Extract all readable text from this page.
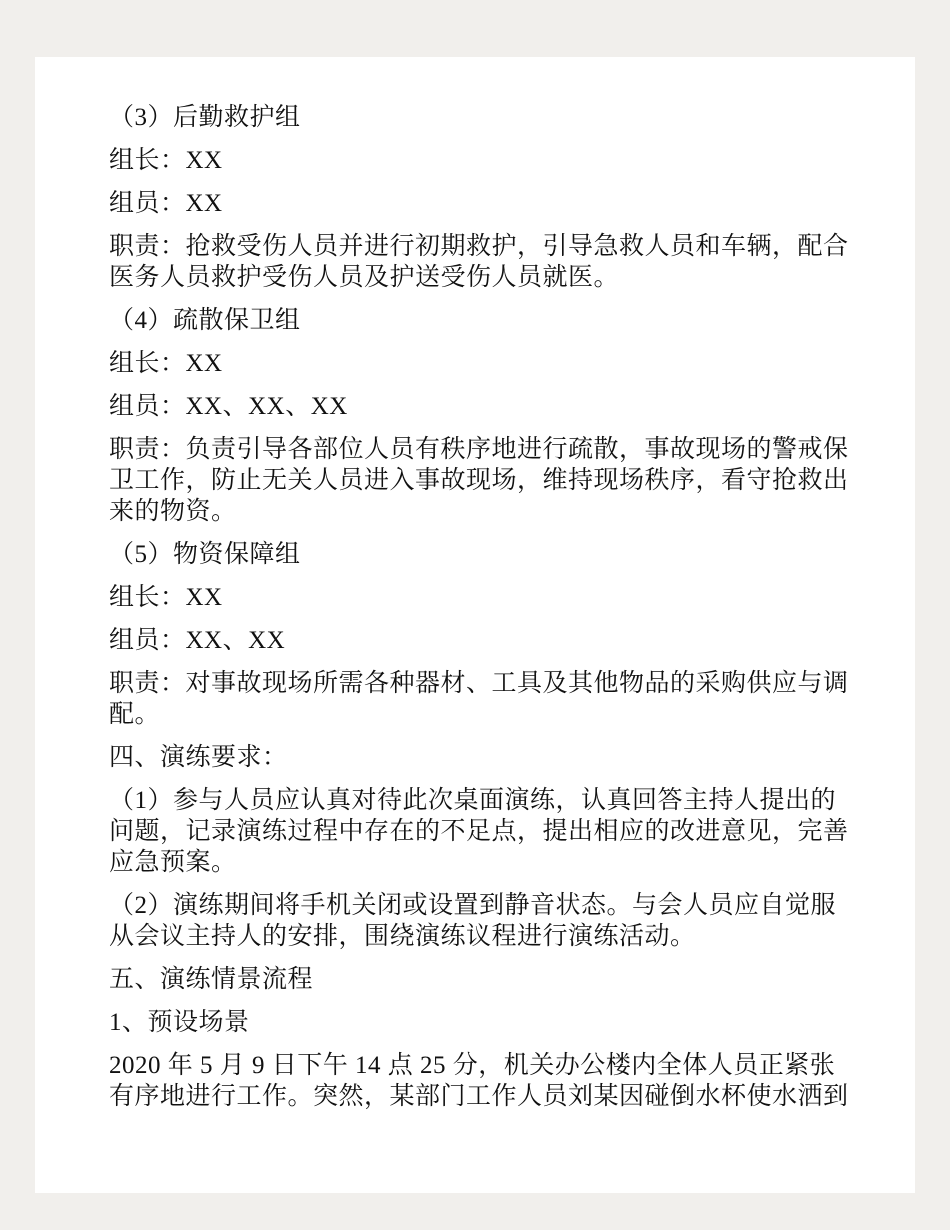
（3）后勤救护组

组长：XX

组员：XX

职责：抢救受伤人员并进行初期救护，引导急救人员和车辆，配合医务人员救护受伤人员及护送受伤人员就医。

（4）疏散保卫组

组长：XX

组员：XX、XX、XX

职责：负责引导各部位人员有秩序地进行疏散，事故现场的警戒保卫工作，防止无关人员进入事故现场，维持现场秩序，看守抢救出来的物资。

（5）物资保障组

组长：XX

组员：XX、XX

职责：对事故现场所需各种器材、工具及其他物品的采购供应与调配。

四、演练要求：

（1）参与人员应认真对待此次桌面演练，认真回答主持人提出的问题，记录演练过程中存在的不足点，提出相应的改进意见，完善应急预案。

（2）演练期间将手机关闭或设置到静音状态。与会人员应自觉服从会议主持人的安排，围绕演练议程进行演练活动。

五、演练情景流程

1、预设场景

2020 年 5 月 9 日下午 14 点 25 分，机关办公楼内全体人员正紧张有序地进行工作。突然，某部门工作人员刘某因碰倒水杯使水洒到
